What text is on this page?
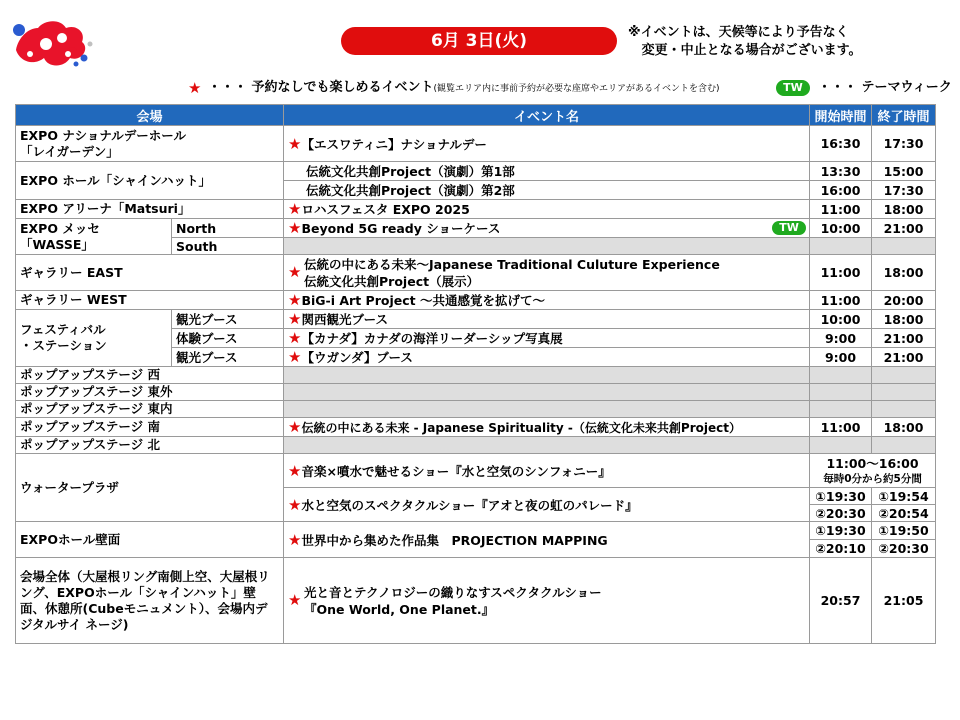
6月 3日(火)	※イベントは、天候等により予告なく
変更・中止となる場合がございます。
★ ・・・ 予約なしでも楽しめるイベント(観覧エリア内に事前予約が必要な座席やエリアがあるイベントを含む)	TW	・・・ テーマウィーク
会場		イベント名	開始時間	終了時間
EXPO ナショナルデーホール
「レイガーデン」		★【エスワティニ】ナショナルデー	16:30	17:30
EXPO ホール「シャインハット」		伝統文化共創Project（演劇）第1部	13:30	15:00
		伝統文化共創Project（演劇）第2部	16:00	17:30
EXPO アリーナ「Matsuri」		★ロハスフェスタ EXPO 2025	11:00	18:00
EXPO メッセ「WASSE」	North	★Beyond 5G ready ショーケース TW	10:00	21:00
	South			
ギャラリー EAST		★ 伝統の中にある未来～Japanese Traditional Culuture Experience
伝統文化共創Project（展示）	11:00	18:00
ギャラリー WEST		★BiG-i Art Project ～共通感覚を拡げて～	11:00	20:00
フェスティバル
・ステーション	観光ブース	★関西観光ブース	10:00	18:00
	体験ブース	★【カナダ】カナダの海洋リーダーシップ写真展	9:00	21:00
	観光ブース	★【ウガンダ】ブース	9:00	21:00
ポップアップステージ 西				
ポップアップステージ 東外				
ポップアップステージ 東内				
ポップアップステージ 南		★伝統の中にある未来 - Japanese Spirituality -（伝統文化未来共創Project）	11:00	18:00
ポップアップステージ 北				
ウォータープラザ		★音楽×噴水で魅せるショー『水と空気のシンフォニー』	11:00～16:00
毎時0分から約5分間	

		★水と空気のスペクタクルショー『アオと夜の虹のパレード』	①19:30	①19:54
			②20:30	②20:54
EXPOホール壁面		★世界中から集めた作品集　PROJECTION MAPPING	①19:30	①19:50
			②20:10	②20:30
会場全体（大屋根リング南側上空、大屋根リング、EXPOホール「シャインハット」壁面、休憩所(Cubeモニュメント）、会場内デジタルサイ ネージ)		★ 光と音とテクノロジーの織りなすスペクタクルショー
『One World, One Planet.』	20:57	21:05
